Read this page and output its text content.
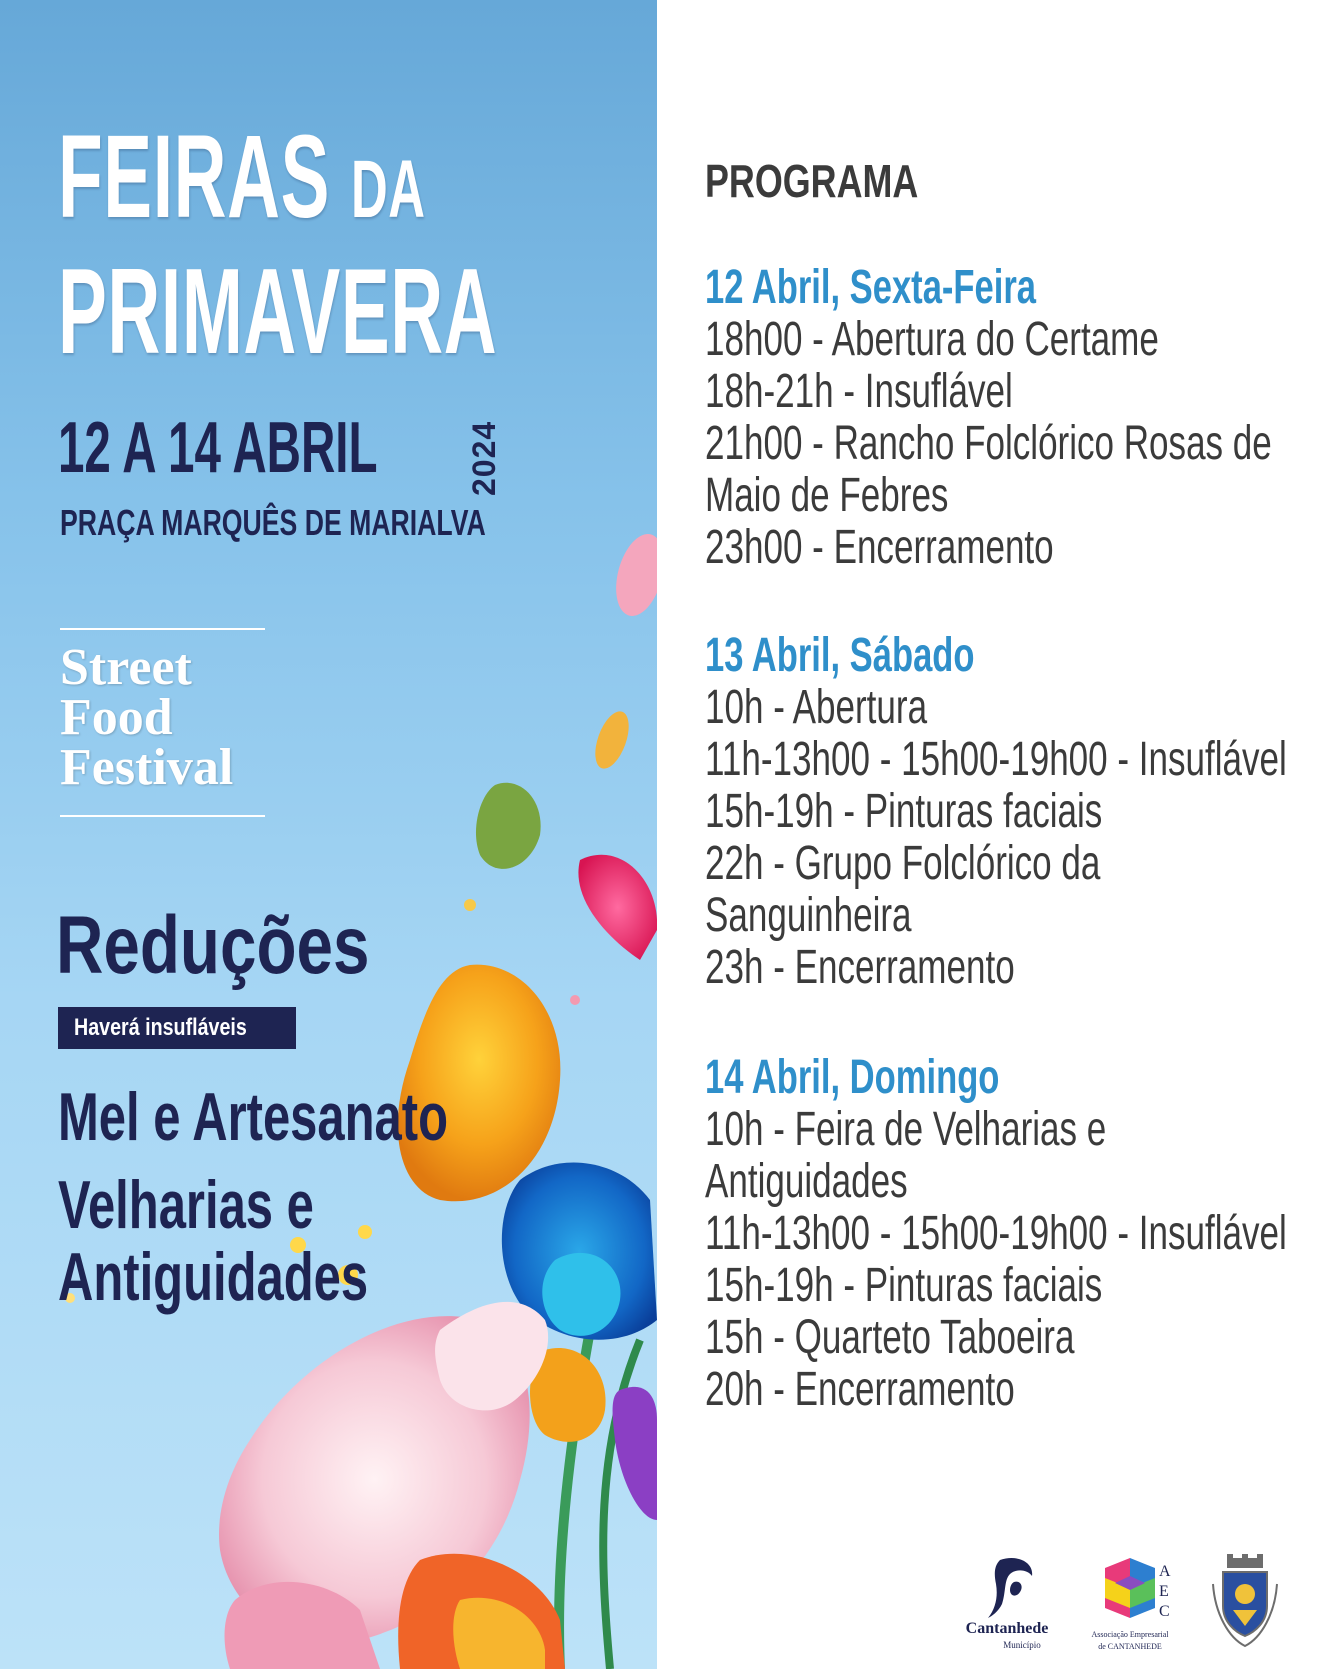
FEIRAS DA
PRIMAVERA
12 A 14 ABRIL	2024
PRAÇA MARQUÊS DE MARIALVA
Street
Food
Festival
Reduções
Haverá insufláveis
Mel e Artesanato
Velharias e
Antiguidades
PROGRAMA
12 Abril, Sexta-Feira
18h00 - Abertura do Certame
18h-21h - Insuflável
21h00 - Rancho Folclórico Rosas de
Maio de Febres
23h00 - Encerramento
13 Abril, Sábado
10h - Abertura
11h-13h00 - 15h00-19h00 - Insuflável
15h-19h - Pinturas faciais
22h - Grupo Folclórico da
Sanguinheira
23h - Encerramento
14 Abril, Domingo
10h - Feira de Velharias e
Antiguidades
11h-13h00 - 15h00-19h00 - Insuflável
15h-19h - Pinturas faciais
15h - Quarteto Taboeira
20h - Encerramento
Cantanhede
Município
A
E
C
Associação Empresarial
de CANTANHEDE
